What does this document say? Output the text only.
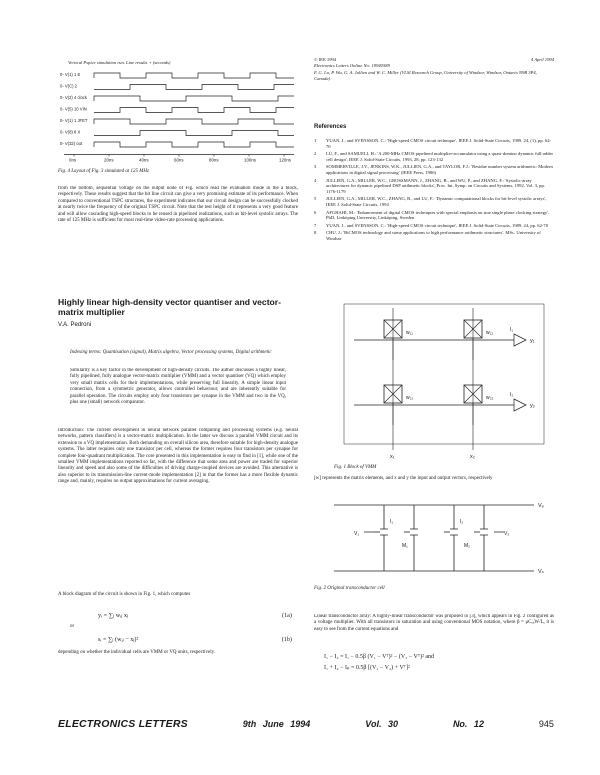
Vertical Pspice simulation run. Line results + (seconds)
0- V(1) 1 E
0- V(C) 2
0- V(2) 4 clock
0- V(5) 10 VIN
0- V(1) 1 JFET
0- V(8) 8 X
0- V(32) out
0ns	20ns	40ns	60ns	80ns	100ns	120ns
Fig. 4 Layout of Fig. 3 simulated at 125 MHz
from the bottom, sequential voltage on the output node of Fig. which read the evaluation mode in the a block, respectively. These results suggest that the bit line circuit can give a very promising estimate of its performance. When compared to conventional TSPC structures, the experiment indicates that our circuit design can be successfully clocked at nearly twice the frequency of the original TSPC circuit. Note that the test height of it represents a very good feature and will allow cascading high-speed blocks to be reused in pipelined realizations, such as bit-level systolic arrays. The rate of 125 MHz is sufficient for most real-time video-rate processing applications.
Highly linear high-density vector quantiser and vector-matrix multiplier
V.A. Pedroni
Indexing terms: Quantisation (signal), Matrix algebra, Vector processing systems, Digital arithmetic
Similarity is a key factor in the development of high-density circuits. The author discusses a highly linear, fully pipelined, fully analogue vector-matrix multiplier (VMM) and a vector quantiser (VQ) which employ very small matrix cells for their implementations, while preserving full linearity. A simple linear input connection, from a symmetric generator, allows controlled behaviour, and are inherently suitable for parallel operation. The circuits employ only four transistors per synapse in the VMM and two in the VQ, plus one (small) network comparator.
Introduction: The current development in neural network parallel computing and processing systems (e.g. neural networks, pattern classifiers) is a vector-matrix multiplication. In the latter we discuss a parallel VMM circuit and its extension to a VQ implementation. Both demanding on overall silicon area, therefore suitable for high-density analogue systems. The latter requires only one transistor per cell, whereas the former requires four transistors per synapse for complete four-quadrant multiplication. The core presented in this implementation is easy to find in [1], while one of the smallest VMM implementations reported so far, with the difference that some area and power are traded for superior linearity and speed and also some of the difficulties of driving charge-coupled devices are avoided. This alternative is also superior to its transmission-line current-mode implementation [2] in that the former has a more flexible dynamic range and, mainly, requires no output approximations for current averaging.
A block diagram of the circuit is shown in Fig. 1, which computes
yᵢ = ∑ⱼ wᵢⱼ xⱼ	(1a)
or
sᵢ = ∑ⱼ (wᵢⱼ − xⱼ)²	(1b)
depending on whether the individual cells are VMM or VQ units, respectively.
© IEE 1994	4 April 1994
Electronics Letters Online No: 19940589
F. G. Lu, P. Wu, G. A. Jullien and W. C. Miller (VLSI Research Group, University of Windsor, Windsor, Ontario N9B 3P4, Canada)
References
1	YUAN, J., and SVENSSON, C.: 'High-speed CMOS circuit technique', IEEE J. Solid-State Circuits, 1989, 24, (1), pp. 62-70
2	LU, F., and SAMUELI, H.: 'A 200-MHz CMOS pipelined multiplier-accumulator using a quasi-domino dynamic full-adder cell design', IEEE J. Solid-State Circuits, 1993, 28, pp. 123-132
3	SOMMERVILLE, J.V., JENKINS, W.K., JULLIEN, G.A., and TAYLOR, F.J.: 'Residue number system arithmetic: Modern applications in digital signal processing' (IEEE Press, 1986)
4	JULLIEN, G.A., MILLER, W.C., GROSSMANN, J., ZHANG, B., and WU, P., and ZHANG, F.: 'Systolic-array architectures for dynamic pipelined DSP arithmetic blocks', Proc. Int. Symp. on Circuits and Systems, 1992, Vol. 3, pp. 1176-1179
5	JULLIEN, G.A., MILLER, W.C., ZHANG, B., and LU, F.: 'Dynamic computational blocks for bit-level systolic arrays', IEEE J. Solid-State Circuits, 1994
6	AFGHAHI, M.: 'Enhancement of digital CMOS techniques with special emphasis on true single phase clocking strategy'. PhD, Linköping University, Linköping, Sweden
7	YUAN, J., and SVENSSON, C.: 'High-speed CMOS circuit technique', IEEE J. Solid-State Circuits, 1989, 24, pp. 62-70
8	CHU, J.: 'BiCMOS technology and some applications to high performance arithmetic structures'. MSc, University of Windsor
w₁₁	w₁₂
w₂₁	w₂₂
y₁
I₁
y₂
I₂
x₁	x₂
Fig. 1 Block of VMM
[w] represents the matrix elements, and x and y the input and output vectors, respectively
Vₚ
Vₙ
I₁	I₂
M₁	M₂
V₁	V₂
Fig. 2 Original transconductor cell
Linear transconductor array: A highly-linear transconductor was proposed in [3], which appears in Fig. 2 configured as a voltage multiplier. With all transistors in saturation and using conventional MOS notation, where β = μCₒₓW/L, it is easy to see from the current equations and
I₁ − I₂ = I₁ − 0.5β (V₁ − Vᵀ)² − (V₂ − Vᵀ)² and
I₁ + I₂ − Iₚ = 0.5β [(V₁ − V₂) + Vᵀ]²
ELECTRONICS LETTERS	9th June 1994	Vol. 30	No. 12	945
